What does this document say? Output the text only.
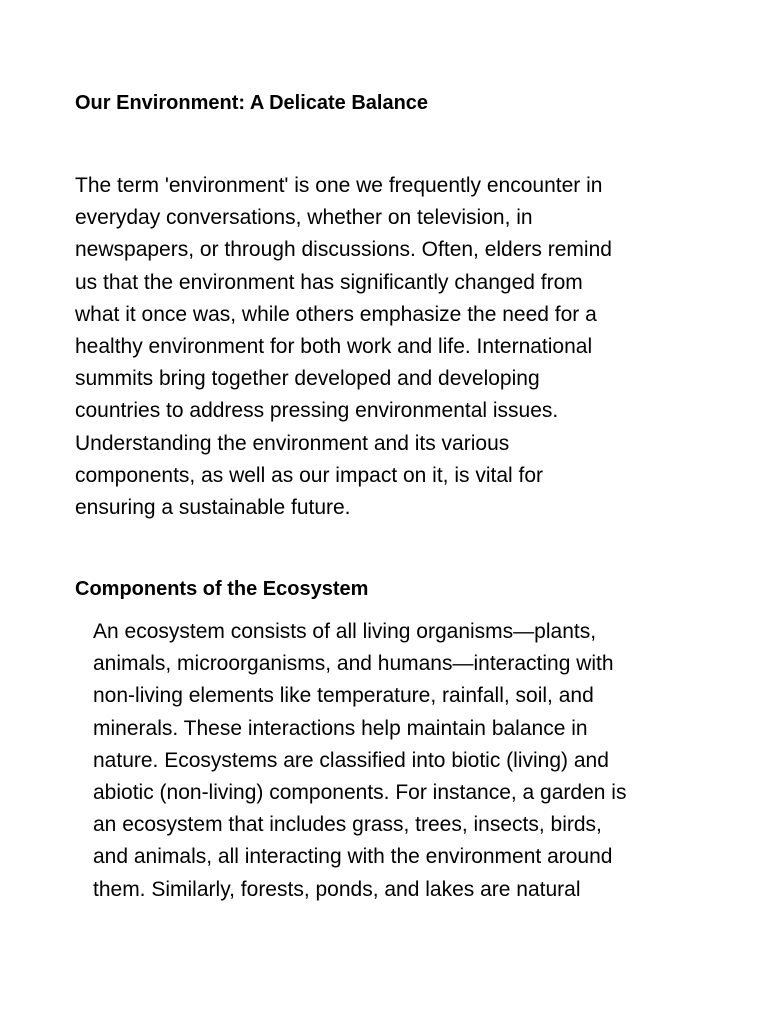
Our Environment: A Delicate Balance

The term 'environment' is one we frequently encounter in
everyday conversations, whether on television, in
newspapers, or through discussions. Often, elders remind
us that the environment has significantly changed from
what it once was, while others emphasize the need for a
healthy environment for both work and life. International
summits bring together developed and developing
countries to address pressing environmental issues.
Understanding the environment and its various
components, as well as our impact on it, is vital for
ensuring a sustainable future.

Components of the Ecosystem

An ecosystem consists of all living organisms—plants,
animals, microorganisms, and humans—interacting with
non-living elements like temperature, rainfall, soil, and
minerals. These interactions help maintain balance in
nature. Ecosystems are classified into biotic (living) and
abiotic (non-living) components. For instance, a garden is
an ecosystem that includes grass, trees, insects, birds,
and animals, all interacting with the environment around
them. Similarly, forests, ponds, and lakes are natural
